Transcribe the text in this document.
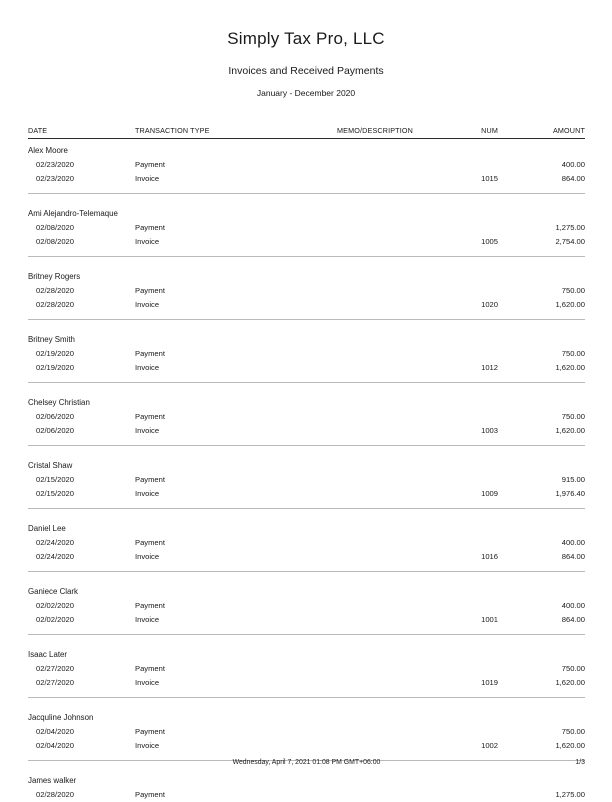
Simply Tax Pro, LLC
Invoices and Received Payments
January - December 2020
DATE	TRANSACTION TYPE	MEMO/DESCRIPTION	NUM	AMOUNT

Alex Moore				
02/23/2020	Payment			400.00
02/23/2020	Invoice		1015	864.00

Ami Alejandro-Telemaque				
02/08/2020	Payment			1,275.00
02/08/2020	Invoice		1005	2,754.00

Britney Rogers				
02/28/2020	Payment			750.00
02/28/2020	Invoice		1020	1,620.00

Britney Smith				
02/19/2020	Payment			750.00
02/19/2020	Invoice		1012	1,620.00

Chelsey Christian				
02/06/2020	Payment			750.00
02/06/2020	Invoice		1003	1,620.00

Cristal Shaw				
02/15/2020	Payment			915.00
02/15/2020	Invoice		1009	1,976.40

Daniel Lee				
02/24/2020	Payment			400.00
02/24/2020	Invoice		1016	864.00

Ganiece Clark				
02/02/2020	Payment			400.00
02/02/2020	Invoice		1001	864.00

Isaac Later				
02/27/2020	Payment			750.00
02/27/2020	Invoice		1019	1,620.00

Jacquline Johnson				
02/04/2020	Payment			750.00
02/04/2020	Invoice		1002	1,620.00

James walker				
02/28/2020	Payment			1,275.00
Wednesday, April 7, 2021 01:08 PM GMT+06:00	1/3
